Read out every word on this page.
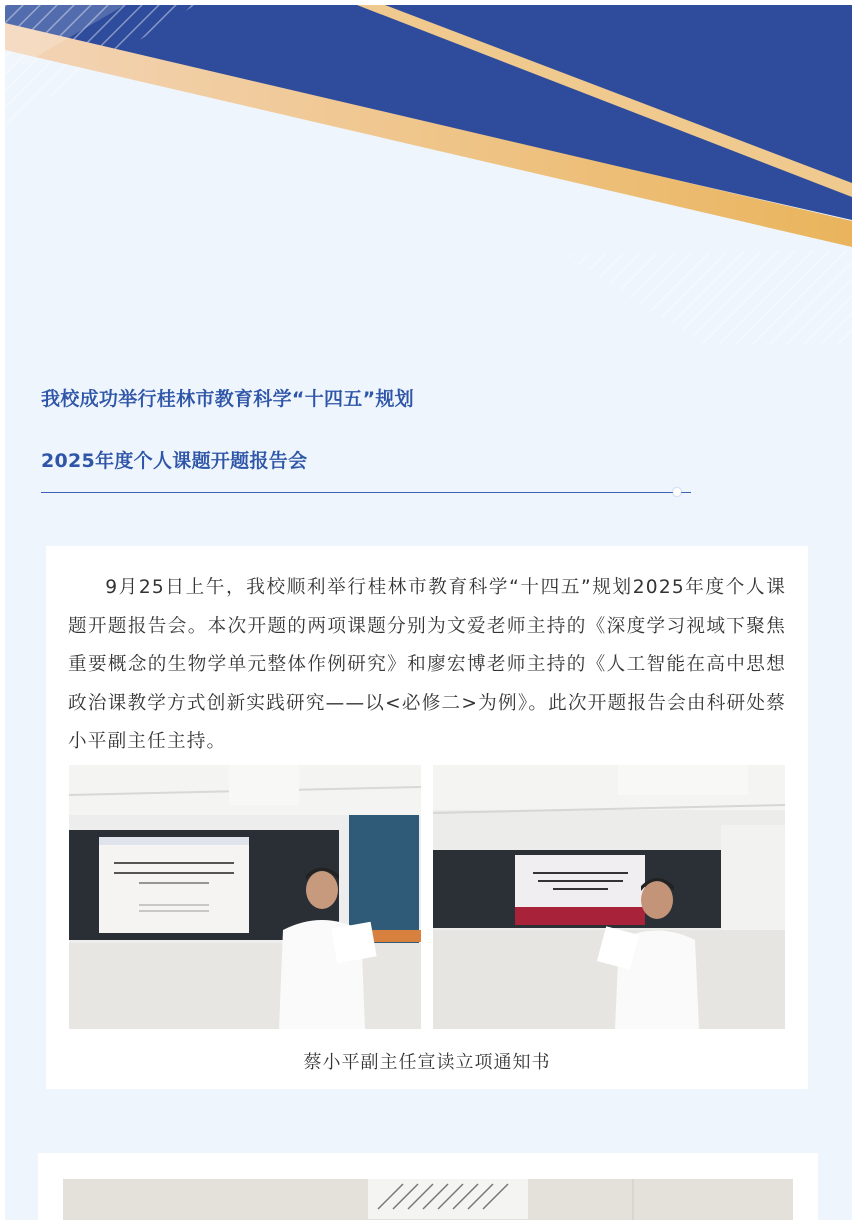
我校成功举行桂林市教育科学“十四五”规划
2025年度个人课题开题报告会

9月25日上午，我校顺利举行桂林市教育科学“十四五”规划2025年度个人课题开题报告会。本次开题的两项课题分别为文爱老师主持的《深度学习视域下聚焦重要概念的生物学单元整体作例研究》和廖宏博老师主持的《人工智能在高中思想政治课教学方式创新实践研究——以<必修二>为例》。此次开题报告会由科研处蔡小平副主任主持。

蔡小平副主任宣读立项通知书
